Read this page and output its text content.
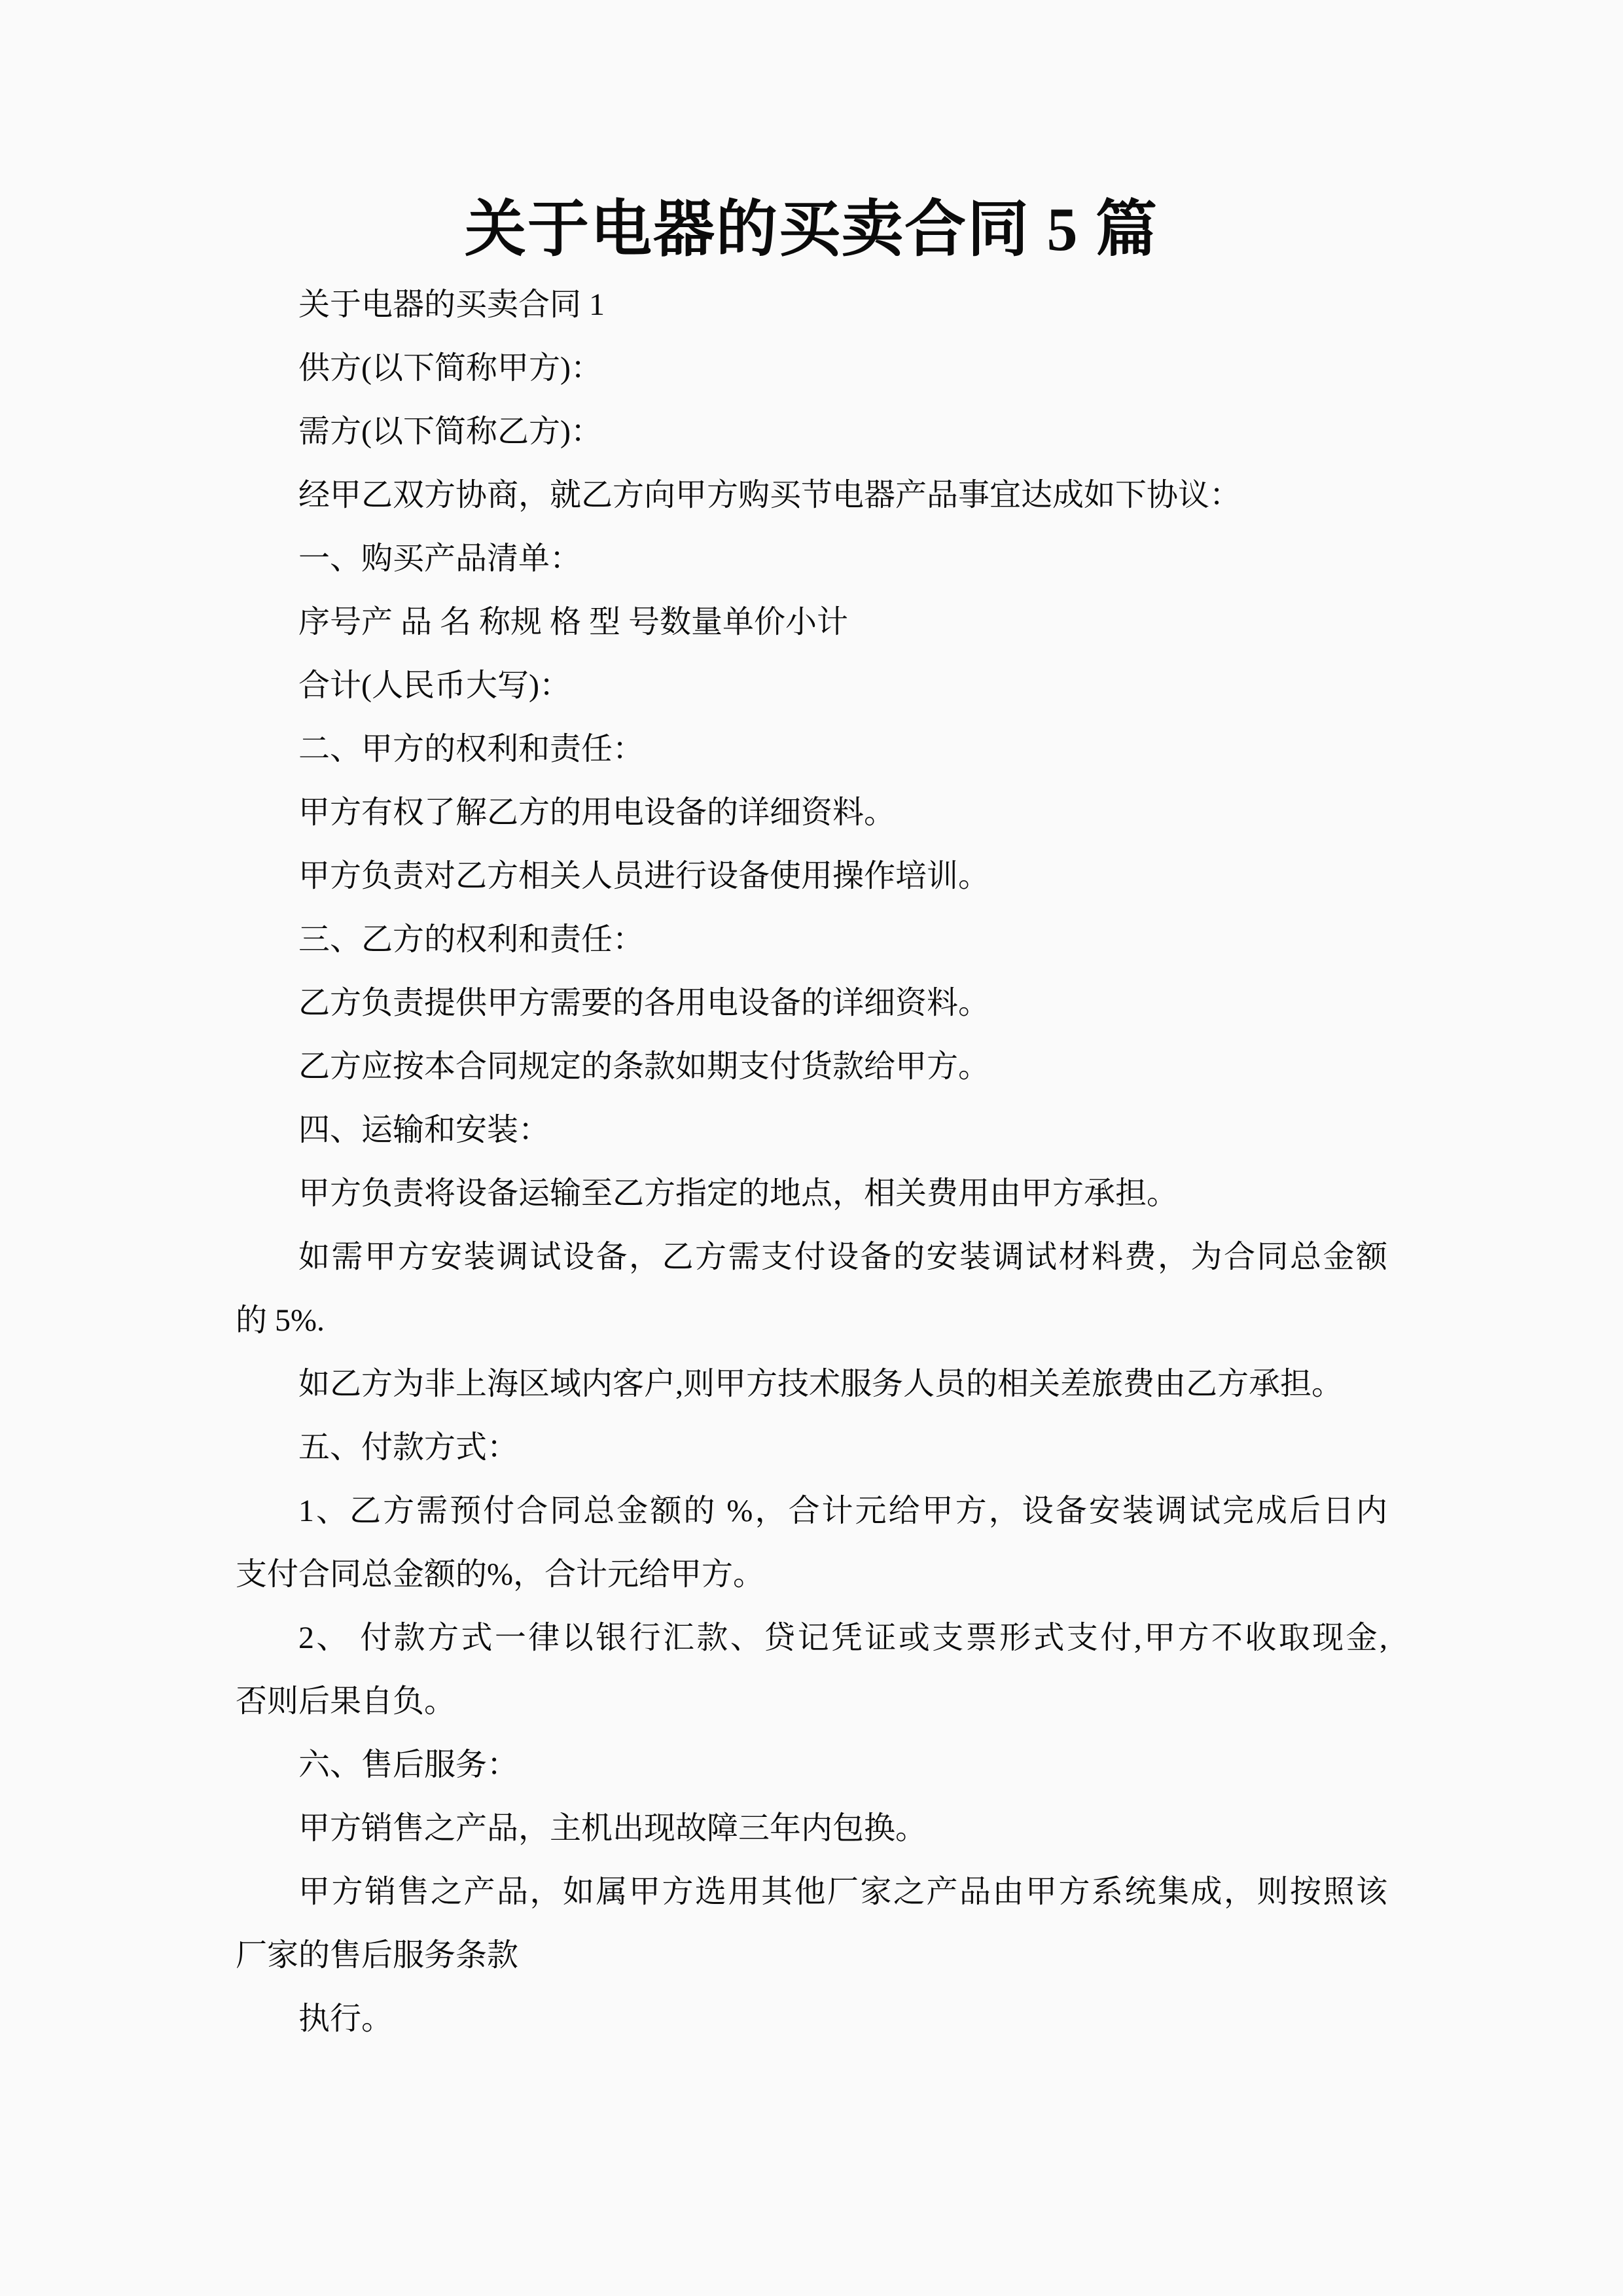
关于电器的买卖合同 5 篇

关于电器的买卖合同 1

供方(以下简称甲方)：

需方(以下简称乙方)：

经甲乙双方协商，就乙方向甲方购买节电器产品事宜达成如下协议：

一、购买产品清单：

序号产 品 名 称规 格 型 号数量单价小计

合计(人民币大写)：

二、甲方的权利和责任：

甲方有权了解乙方的用电设备的详细资料。

甲方负责对乙方相关人员进行设备使用操作培训。

三、乙方的权利和责任：

乙方负责提供甲方需要的各用电设备的详细资料。

乙方应按本合同规定的条款如期支付货款给甲方。

四、运输和安装：

甲方负责将设备运输至乙方指定的地点，相关费用由甲方承担。

如需甲方安装调试设备，乙方需支付设备的安装调试材料费，为合同总金额

的 5%.

如乙方为非上海区域内客户,则甲方技术服务人员的相关差旅费由乙方承担。

五、付款方式：

1、乙方需预付合同总金额的 %，合计元给甲方，设备安装调试完成后日内

支付合同总金额的%，合计元给甲方。

2、 付款方式一律以银行汇款、贷记凭证或支票形式支付,甲方不收取现金,

否则后果自负。

六、售后服务：

甲方销售之产品，主机出现故障三年内包换。

甲方销售之产品，如属甲方选用其他厂家之产品由甲方系统集成，则按照该

厂家的售后服务条款

执行。
